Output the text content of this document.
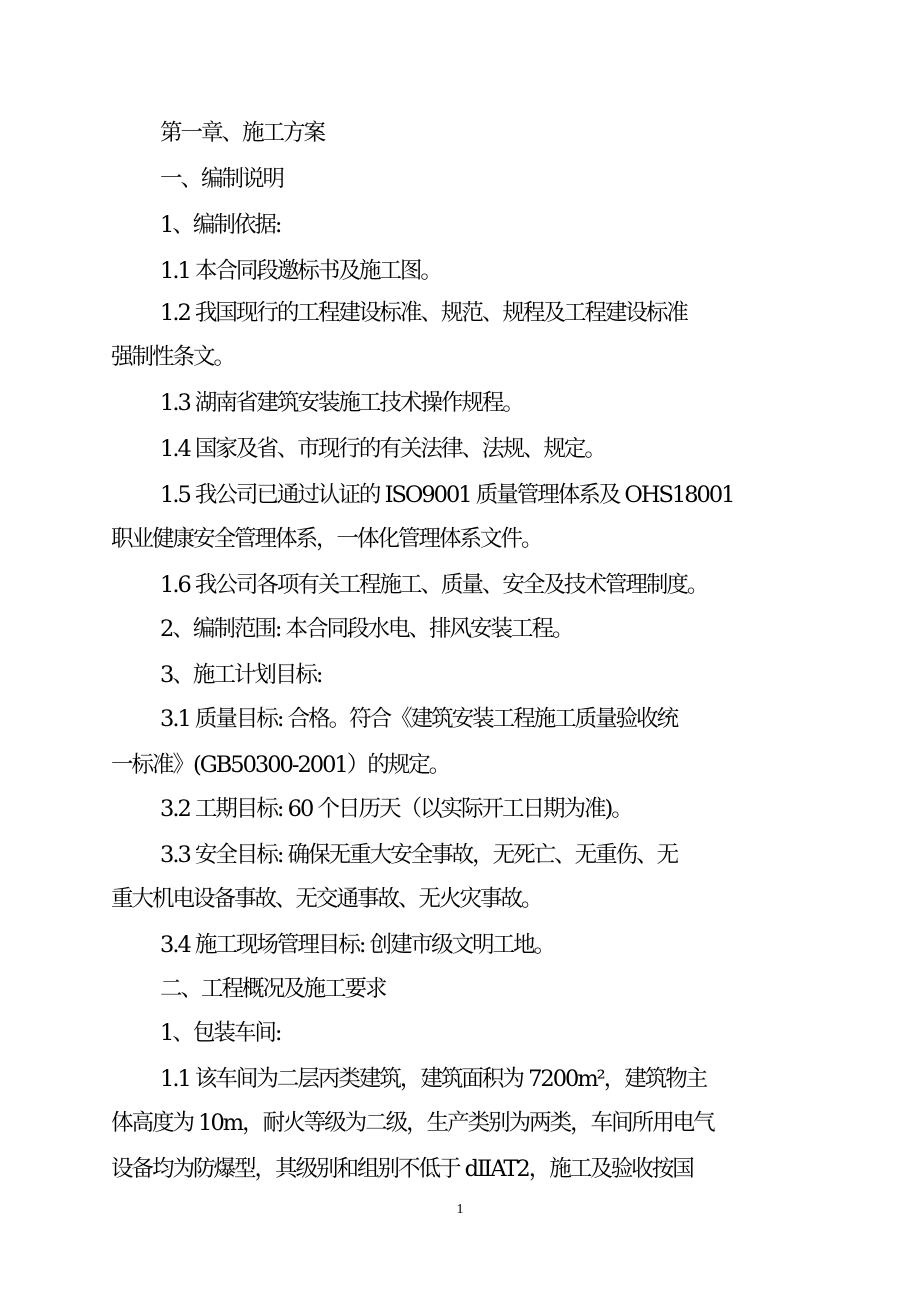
第一章、施工方案
一、编制说明
1、编制依据:
1.1 本合同段邀标书及施工图。
1.2 我国现行的工程建设标准、规范、规程及工程建设标准
强制性条文。
1.3 湖南省建筑安装施工技术操作规程。
1.4 国家及省、市现行的有关法律、法规、规定。
1.5 我公司已通过认证的 ISO9001 质量管理体系及 OHS18001
职业健康安全管理体系，一体化管理体系文件。
1.6 我公司各项有关工程施工、质量、安全及技术管理制度。
2、编制范围: 本合同段水电、排风安装工程。
3、施工计划目标:
3.1 质量目标: 合格。符合《建筑安装工程施工质量验收统
一标准》(GB50300-2001）的规定。
3.2 工期目标: 60 个日历天（以实际开工日期为准)。
3.3 安全目标: 确保无重大安全事故，无死亡、无重伤、无
重大机电设备事故、无交通事故、无火灾事故。
3.4 施工现场管理目标: 创建市级文明工地。
二、工程概况及施工要求
1、包装车间:
1.1 该车间为二层丙类建筑，建筑面积为 7200m²，建筑物主
体高度为 10m，耐火等级为二级，生产类别为两类，车间所用电气
设备均为防爆型，其级别和组别不低于 dⅡAT2，施工及验收按国
1
